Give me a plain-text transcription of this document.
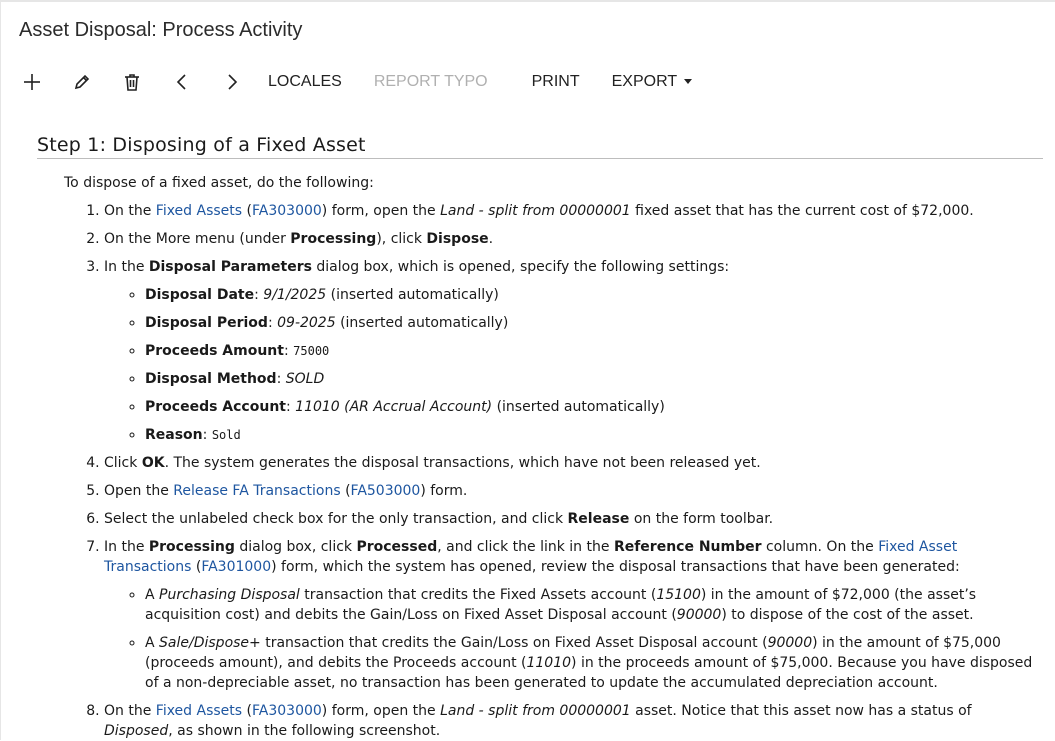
Asset Disposal: Process Activity
LOCALES REPORT TYPO	PRINT EXPORT
Step 1: Disposing of a Fixed Asset

To dispose of a fixed asset, do the following:

1. On the Fixed Assets (FA303000) form, open the Land - split from 00000001 fixed asset that has the current cost of $72,000.
2. On the More menu (under Processing), click Dispose.
3. In the Disposal Parameters dialog box, which is opened, specify the following settings:
◦ Disposal Date: 9/1/2025 (inserted automatically)
◦ Disposal Period: 09-2025 (inserted automatically)
◦ Proceeds Amount: 75000
◦ Disposal Method: SOLD
◦ Proceeds Account: 11010 (AR Accrual Account) (inserted automatically)
◦ Reason: Sold
4. Click OK. The system generates the disposal transactions, which have not been released yet.
5. Open the Release FA Transactions (FA503000) form.
6. Select the unlabeled check box for the only transaction, and click Release on the form toolbar.
7. In the Processing dialog box, click Processed, and click the link in the Reference Number column. On the Fixed Asset Transactions (FA301000) form, which the system has opened, review the disposal transactions that have been generated:
◦ A Purchasing Disposal transaction that credits the Fixed Assets account (15100) in the amount of $72,000 (the asset’s acquisition cost) and debits the Gain/Loss on Fixed Asset Disposal account (90000) to dispose of the cost of the asset.
◦ A Sale/Dispose+ transaction that credits the Gain/Loss on Fixed Asset Disposal account (90000) in the amount of $75,000 (proceeds amount), and debits the Proceeds account (11010) in the proceeds amount of $75,000. Because you have disposed of a non-depreciable asset, no transaction has been generated to update the accumulated depreciation account.
8. On the Fixed Assets (FA303000) form, open the Land - split from 00000001 asset. Notice that this asset now has a status of Disposed, as shown in the following screenshot.
